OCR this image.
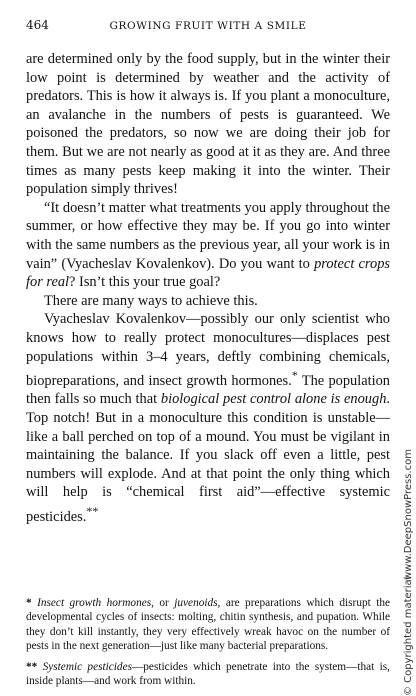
464	GROWING FRUIT WITH A SMILE

are determined only by the food supply, but in the winter their low point is determined by weather and the activity of predators. This is how it always is. If you plant a monoculture, an avalanche in the numbers of pests is guaranteed. We poisoned the predators, so now we are doing their job for them. But we are not nearly as good at it as they are. And three times as many pests keep making it into the winter. Their population simply thrives!

“It doesn’t matter what treatments you apply throughout the summer, or how effective they may be. If you go into winter with the same numbers as the previous year, all your work is in vain” (Vyacheslav Kovalenkov). Do you want to protect crops for real? Isn’t this your true goal?

There are many ways to achieve this.

Vyacheslav Kovalenkov—possibly our only scientist who knows how to really protect monocultures—displaces pest populations within 3–4 years, deftly combining chemicals, biopreparations, and insect growth hormones.* The population then falls so much that biological pest control alone is enough. Top notch! But in a monoculture this condition is unstable—like a ball perched on top of a mound. You must be vigilant in maintaining the balance. If you slack off even a little, pest numbers will explode. And at that point the only thing which will help is “chemical first aid”—effective systemic pesticides.**

* Insect growth hormones, or juvenoids, are preparations which disrupt the developmental cycles of insects: molting, chitin synthesis, and pupation. While they don’t kill instantly, they very effectively wreak havoc on the number of pests in the next generation—just like many bacterial preparations.

** Systemic pesticides—pesticides which penetrate into the system—that is, inside plants—and work from within.	© Copyrighted material
www.DeepSnowPress.com
